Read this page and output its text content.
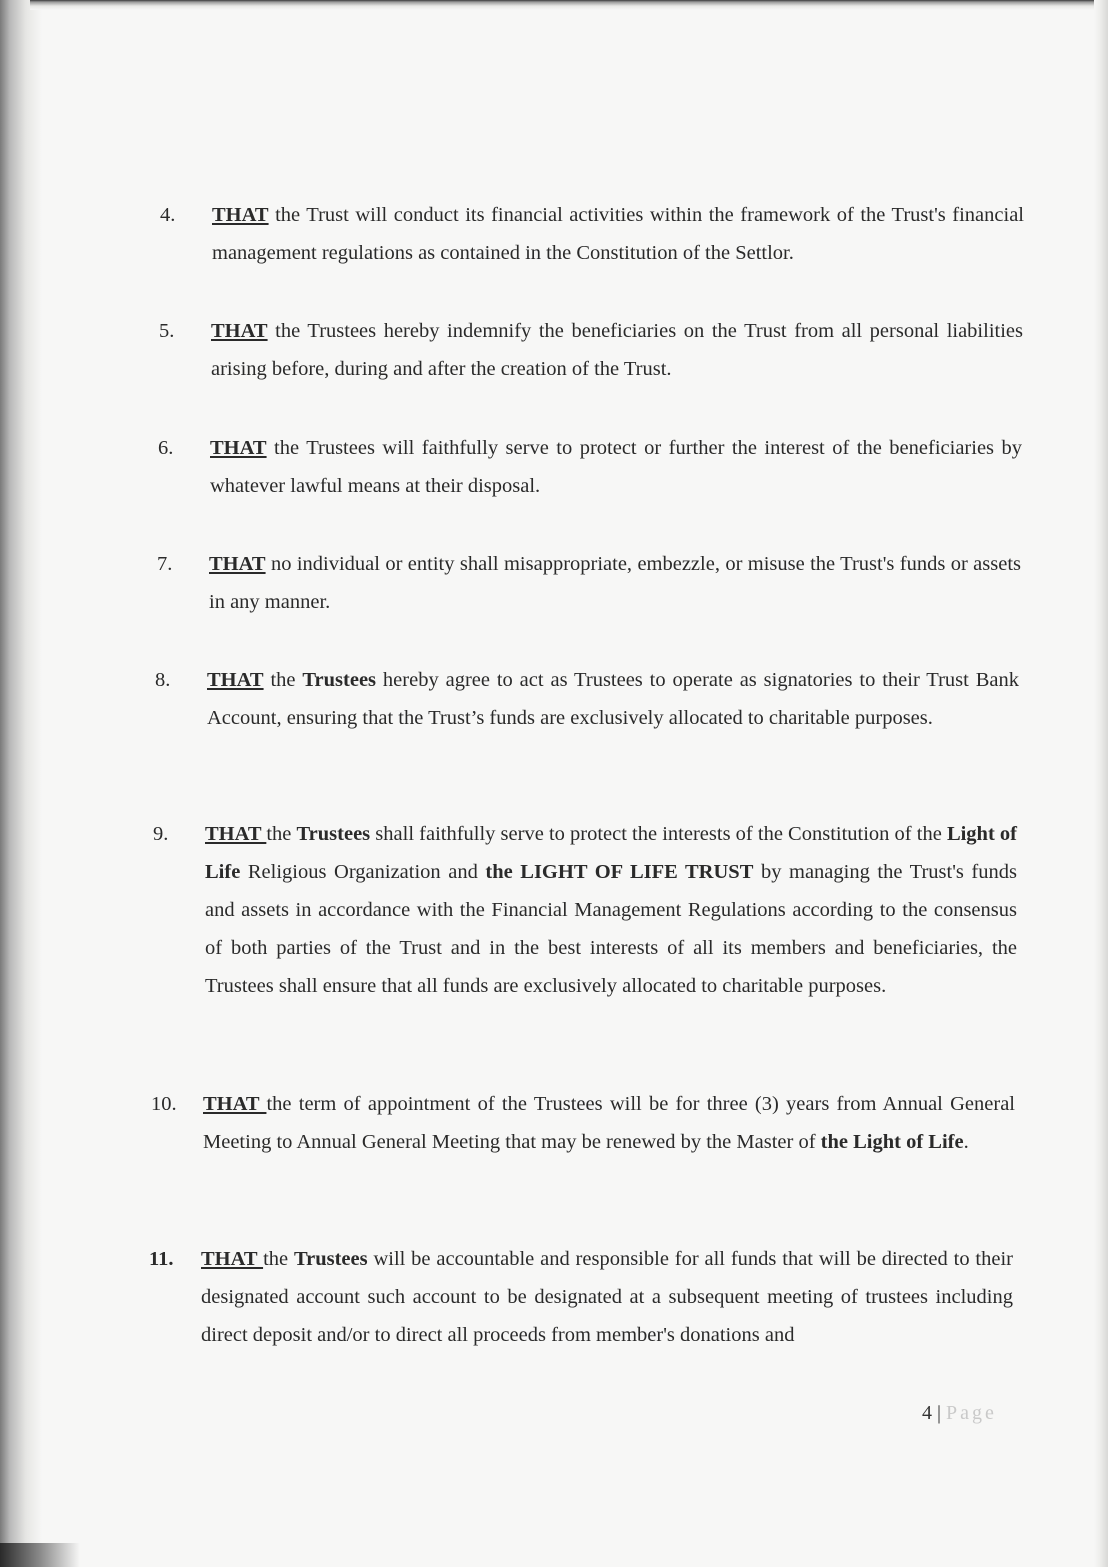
4.	THAT the Trust will conduct its financial activities within the framework of the Trust's financial management regulations as contained in the Constitution of the Settlor.
5.	THAT the Trustees hereby indemnify the beneficiaries on the Trust from all personal liabilities arising before, during and after the creation of the Trust.
6.	THAT the Trustees will faithfully serve to protect or further the interest of the beneficiaries by whatever lawful means at their disposal.
7.	THAT no individual or entity shall misappropriate, embezzle, or misuse the Trust's funds or assets in any manner.
8.	THAT the Trustees hereby agree to act as Trustees to operate as signatories to their Trust Bank Account, ensuring that the Trust’s funds are exclusively allocated to charitable purposes.
9.	THAT the Trustees shall faithfully serve to protect the interests of the Constitution of the Light of Life Religious Organization and the LIGHT OF LIFE TRUST by managing the Trust's funds and assets in accordance with the Financial Management Regulations according to the consensus of both parties of the Trust and in the best interests of all its members and beneficiaries, the Trustees shall ensure that all funds are exclusively allocated to charitable purposes.
10.	THAT the term of appointment of the Trustees will be for three (3) years from Annual General Meeting to Annual General Meeting that may be renewed by the Master of the Light of Life.
11.	THAT the Trustees will be accountable and responsible for all funds that will be directed to their designated account such account to be designated at a subsequent meeting of trustees including direct deposit and/or to direct all proceeds from member's donations and
4 | Page
